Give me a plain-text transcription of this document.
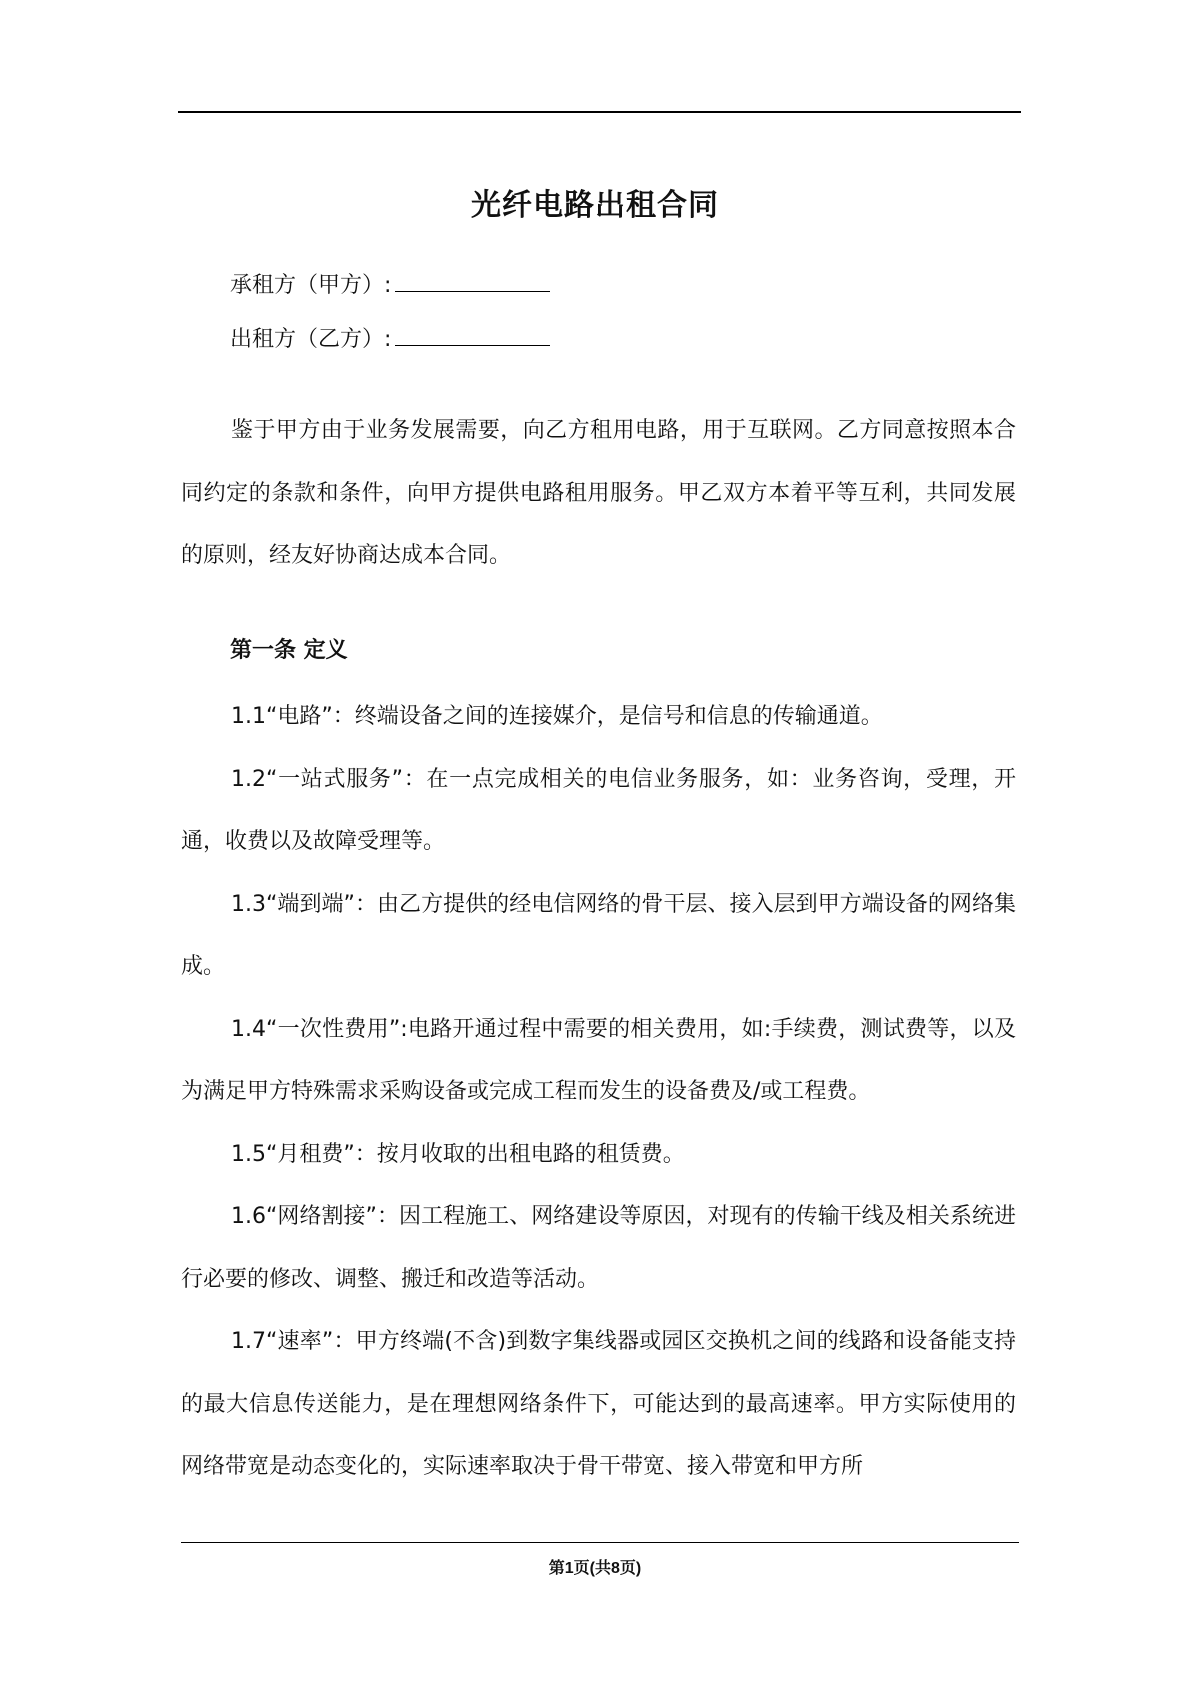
光纤电路出租合同
承租方（甲方）:
出租方（乙方）:

鉴于甲方由于业务发展需要，向乙方租用电路，用于互联网。乙方同意按照本合同约定的条款和条件，向甲方提供电路租用服务。甲乙双方本着平等互利，共同发展的原则，经友好协商达成本合同。

第一条 定义

1.1“电路”：终端设备之间的连接媒介，是信号和信息的传输通道。

1.2“一站式服务”：在一点完成相关的电信业务服务，如：业务咨询，受理，开通，收费以及故障受理等。

1.3“端到端”：由乙方提供的经电信网络的骨干层、接入层到甲方端设备的网络集成。

1.4“一次性费用”:电路开通过程中需要的相关费用，如:手续费，测试费等，以及为满足甲方特殊需求采购设备或完成工程而发生的设备费及/或工程费。

1.5“月租费”：按月收取的出租电路的租赁费。

1.6“网络割接”：因工程施工、网络建设等原因，对现有的传输干线及相关系统进行必要的修改、调整、搬迁和改造等活动。

1.7“速率”：甲方终端(不含)到数字集线器或园区交换机之间的线路和设备能支持的最大信息传送能力，是在理想网络条件下，可能达到的最高速率。甲方实际使用的网络带宽是动态变化的，实际速率取决于骨干带宽、接入带宽和甲方所

第1页(共8页)
